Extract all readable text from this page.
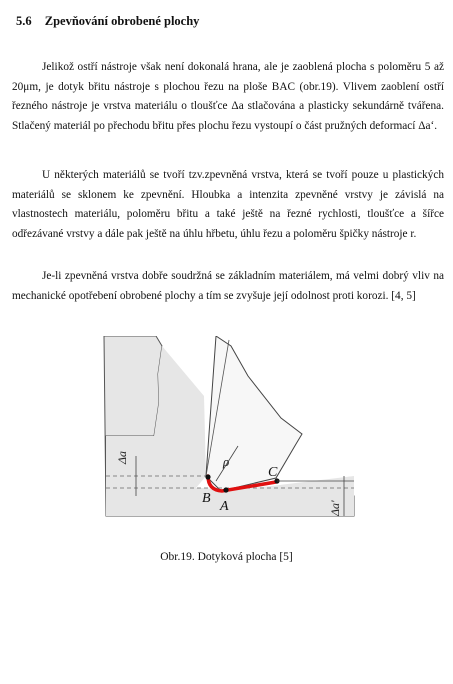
5.6 Zpevňování obrobené plochy

Jelikož ostří nástroje však není dokonalá hrana, ale je zaoblená plocha s poloměru 5 až 20μm, je dotyk břitu nástroje s plochou řezu na ploše BAC (obr.19). Vlivem zaoblení ostří řezného nástroje je vrstva materiálu o tloušťce Δa stlačována a plasticky sekundárně tvářena. Stlačený materiál po přechodu břitu přes plochu řezu vystoupí o část pružných deformací Δa‘.

U některých materiálů se tvoří tzv.zpevněná vrstva, která se tvoří pouze u plastických materiálů se sklonem ke zpevnění. Hloubka a intenzita zpevněné vrstvy je závislá na vlastnostech materiálu, poloměru břitu a také ještě na řezné rychlosti, tloušťce a šířce odřezávané vrstvy a dále pak ještě na úhlu hřbetu, úhlu řezu a poloměru špičky nástroje r.

Je-li zpevněná vrstva dobře soudržná se základním materiálem, má velmi dobrý vliv na mechanické opotřebení obrobené plochy a tím se zvyšuje její odolnost proti korozi. [4, 5]

Δa
Δa'
ρ
B
A
C
Obr.19. Dotyková plocha [5]
